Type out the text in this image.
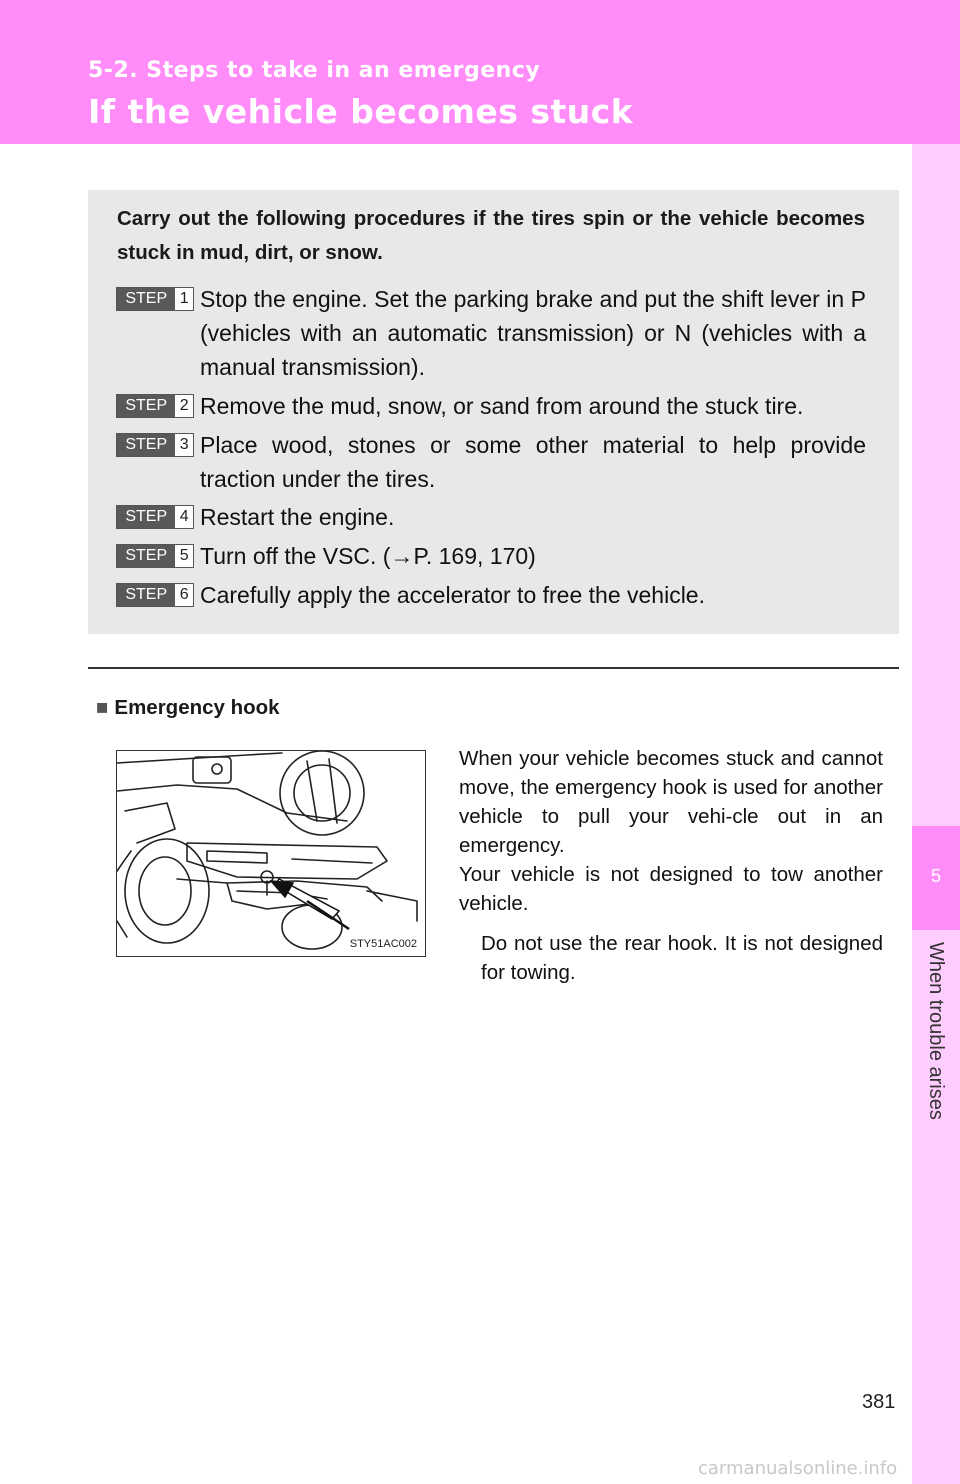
5-2. Steps to take in an emergency
If the vehicle becomes stuck
5
When trouble arises
Carry out the following procedures if the tires spin or the vehicle becomes stuck in mud, dirt, or snow.
STEP 1 Stop the engine. Set the parking brake and put the shift lever in P (vehicles with an automatic transmission) or N (vehicles with a manual transmission).
STEP 2 Remove the mud, snow, or sand from around the stuck tire.
STEP 3 Place wood, stones or some other material to help provide traction under the tires.
STEP 4 Restart the engine.
STEP 5 Turn off the VSC. (→P. 169, 170)
STEP 6 Carefully apply the accelerator to free the vehicle.
■ Emergency hook
STY51AC002

When your vehicle becomes stuck and cannot move, the emergency hook is used for another vehicle to pull your vehi-cle out in an emergency.

Your vehicle is not designed to tow another vehicle.

Do not use the rear hook. It is not designed for towing.
381
carmanualsonline.info
